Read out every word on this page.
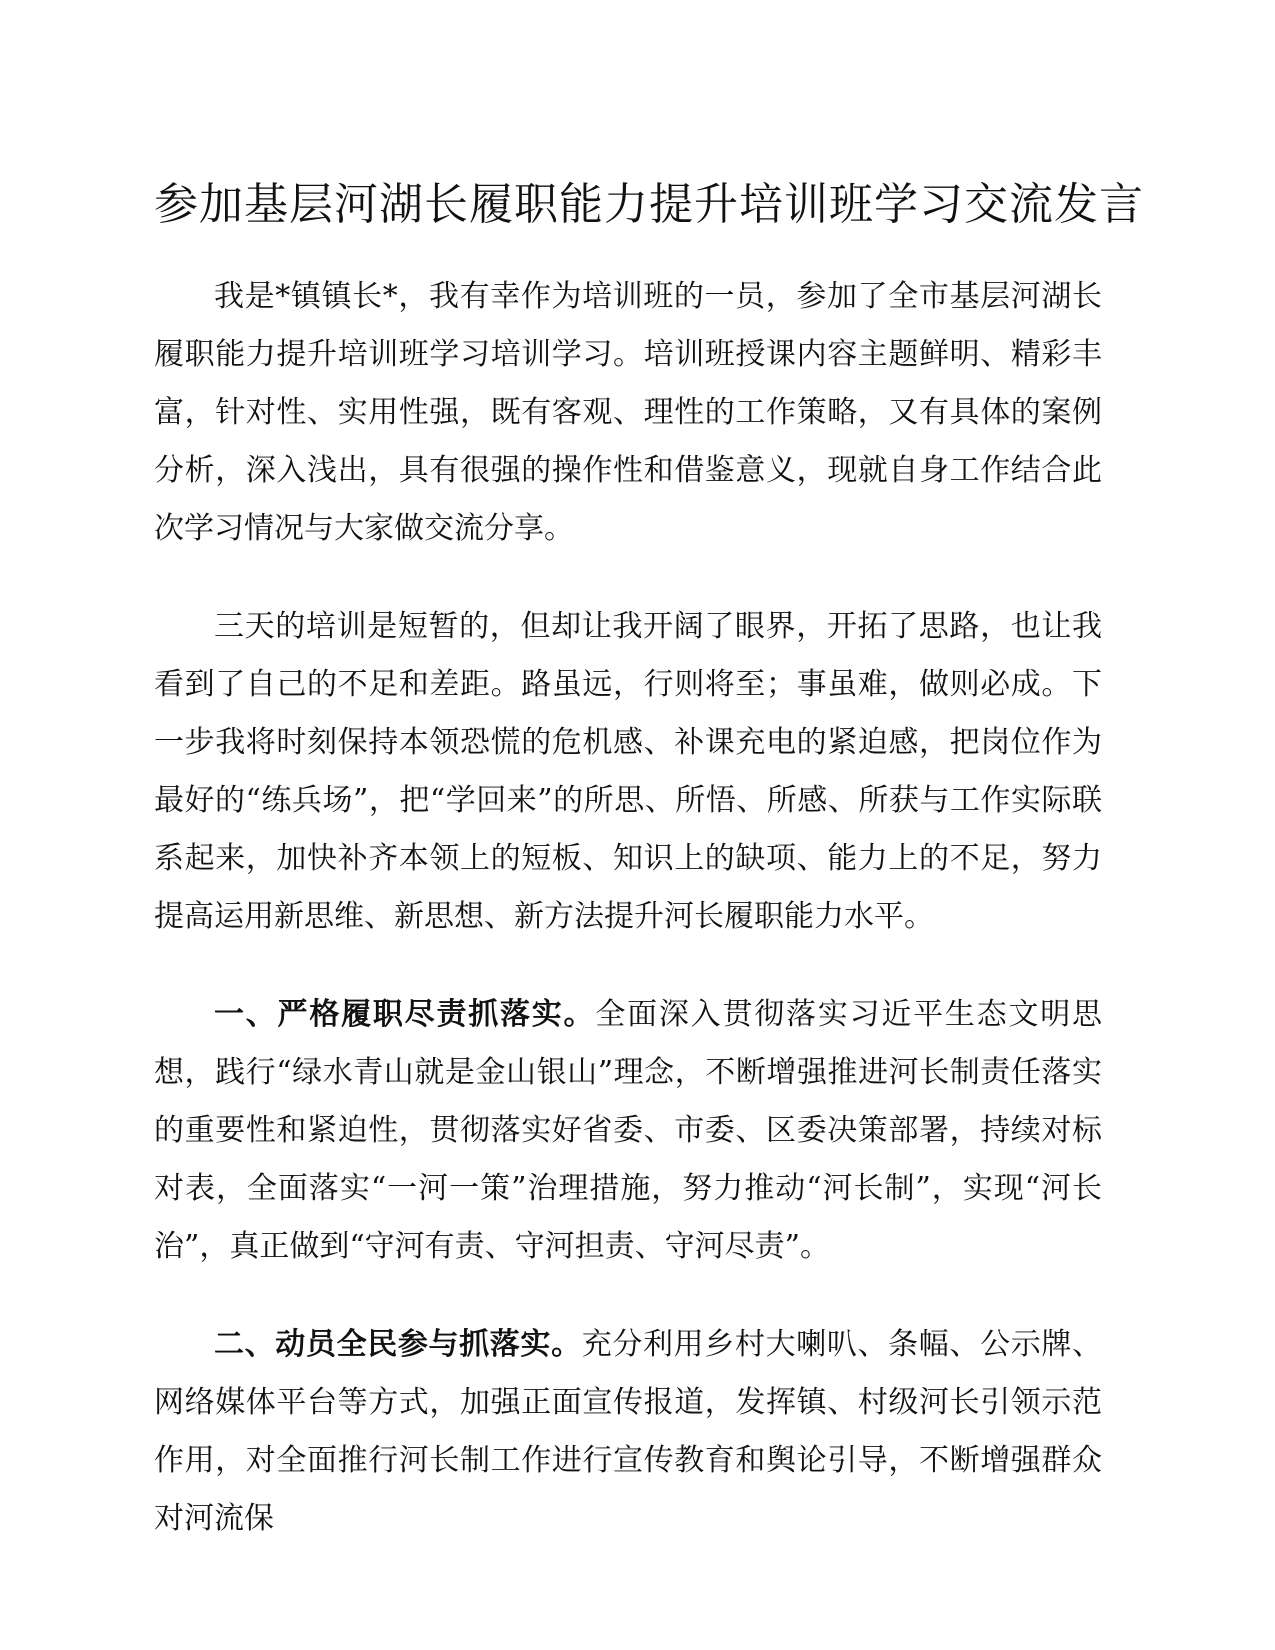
参加基层河湖长履职能力提升培训班学习交流发言

我是*镇镇长*，我有幸作为培训班的一员，参加了全市基层河湖长履职能力提升培训班学习培训学习。培训班授课内容主题鲜明、精彩丰富，针对性、实用性强，既有客观、理性的工作策略，又有具体的案例分析，深入浅出，具有很强的操作性和借鉴意义，现就自身工作结合此次学习情况与大家做交流分享。

三天的培训是短暂的，但却让我开阔了眼界，开拓了思路，也让我看到了自己的不足和差距。路虽远，行则将至；事虽难，做则必成。下一步我将时刻保持本领恐慌的危机感、补课充电的紧迫感，把岗位作为最好的“练兵场”，把“学回来”的所思、所悟、所感、所获与工作实际联系起来，加快补齐本领上的短板、知识上的缺项、能力上的不足，努力提高运用新思维、新思想、新方法提升河长履职能力水平。

一、严格履职尽责抓落实。全面深入贯彻落实习近平生态文明思想，践行“绿水青山就是金山银山”理念，不断增强推进河长制责任落实的重要性和紧迫性，贯彻落实好省委、市委、区委决策部署，持续对标对表，全面落实“一河一策”治理措施，努力推动“河长制”，实现“河长治”，真正做到“守河有责、守河担责、守河尽责”。

二、动员全民参与抓落实。充分利用乡村大喇叭、条幅、公示牌、网络媒体平台等方式，加强正面宣传报道，发挥镇、村级河长引领示范作用，对全面推行河长制工作进行宣传教育和舆论引导，不断增强群众对河流保
